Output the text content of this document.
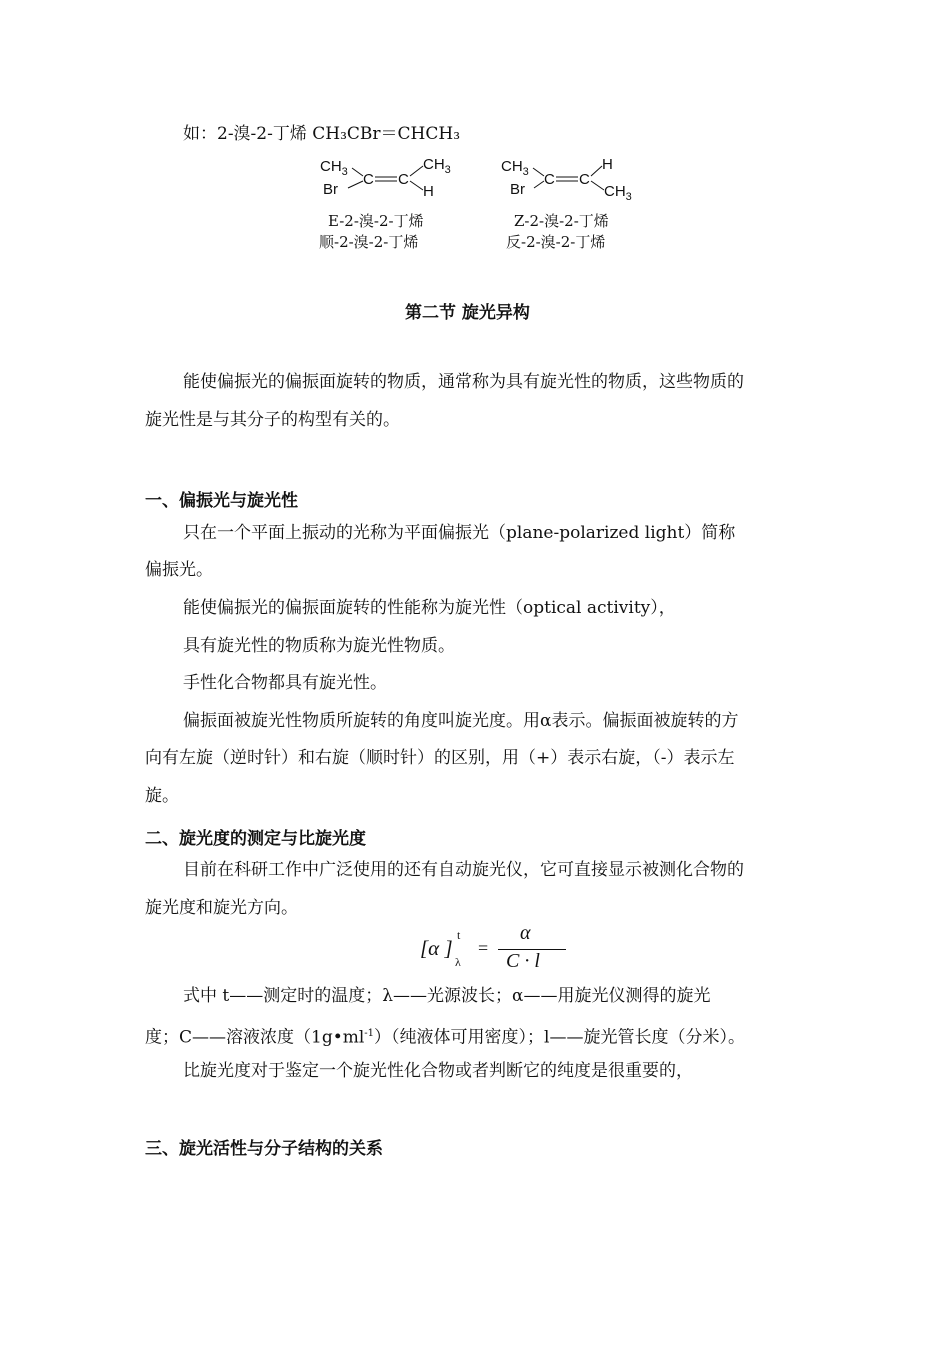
如：2-溴-2-丁烯 CH₃CBr＝CHCH₃
$CH_3$
Br
C C
$CH_3$
H
$CH_3$
Br
C C
H
$CH_3$
E-2-溴-2-丁烯
顺-2-溴-2-丁烯
Z-2-溴-2-丁烯
反-2-溴-2-丁烯
第二节 旋光异构
能使偏振光的偏振面旋转的物质，通常称为具有旋光性的物质，这些物质的
旋光性是与其分子的构型有关的。
一、偏振光与旋光性
只在一个平面上振动的光称为平面偏振光（plane-polarized light）简称
偏振光。
能使偏振光的偏振面旋转的性能称为旋光性（optical activity），
具有旋光性的物质称为旋光性物质。
手性化合物都具有旋光性。
偏振面被旋光性物质所旋转的角度叫旋光度。用α表示。偏振面被旋转的方
向有左旋（逆时针）和右旋（顺时针）的区别，用（+）表示右旋，（-）表示左
旋。
二、旋光度的测定与比旋光度
目前在科研工作中广泛使用的还有自动旋光仪，它可直接显示被测化合物的
旋光度和旋光方向。
[α ]
t
λ
=
α
C · l
式中 t——测定时的温度；λ——光源波长；α——用旋光仪测得的旋光
度；C——溶液浓度$(1g•ml^{-1})$（纯液体可用密度）；l——旋光管长度（分米）。
比旋光度对于鉴定一个旋光性化合物或者判断它的纯度是很重要的，
三、旋光活性与分子结构的关系
